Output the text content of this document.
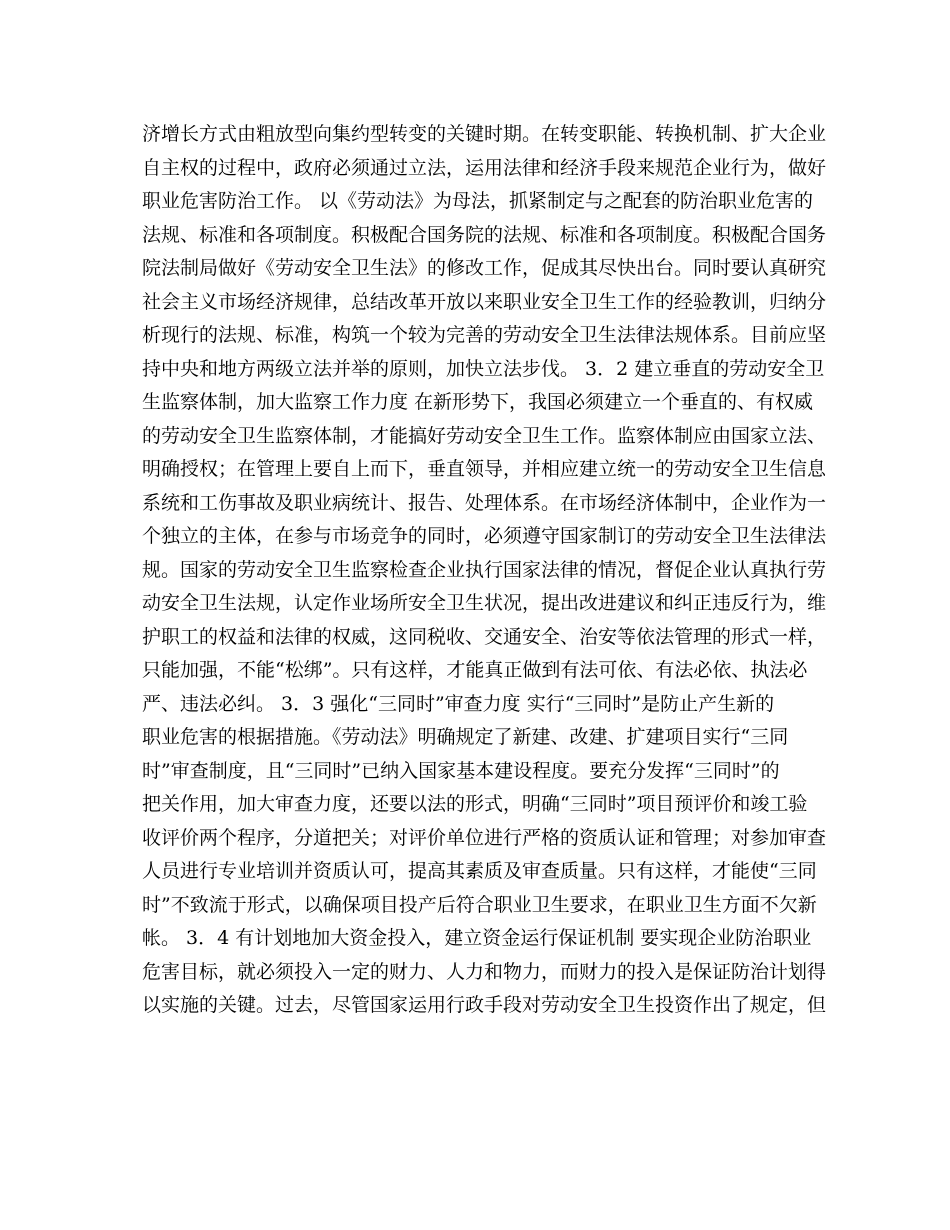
济增长方式由粗放型向集约型转变的关键时期。在转变职能、转换机制、扩大企业
自主权的过程中，政府必须通过立法，运用法律和经济手段来规范企业行为，做好
职业危害防治工作。 以《劳动法》为母法，抓紧制定与之配套的防治职业危害的
法规、标准和各项制度。积极配合国务院的法规、标准和各项制度。积极配合国务
院法制局做好《劳动安全卫生法》的修改工作，促成其尽快出台。同时要认真研究
社会主义市场经济规律，总结改革开放以来职业安全卫生工作的经验教训，归纳分
析现行的法规、标准，构筑一个较为完善的劳动安全卫生法律法规体系。目前应坚
持中央和地方两级立法并举的原则，加快立法步伐。 3．2 建立垂直的劳动安全卫
生监察体制，加大监察工作力度 在新形势下，我国必须建立一个垂直的、有权威
的劳动安全卫生监察体制，才能搞好劳动安全卫生工作。监察体制应由国家立法、
明确授权；在管理上要自上而下，垂直领导，并相应建立统一的劳动安全卫生信息
系统和工伤事故及职业病统计、报告、处理体系。在市场经济体制中，企业作为一
个独立的主体，在参与市场竞争的同时，必须遵守国家制订的劳动安全卫生法律法
规。国家的劳动安全卫生监察检查企业执行国家法律的情况，督促企业认真执行劳
动安全卫生法规，认定作业场所安全卫生状况，提出改进建议和纠正违反行为，维
护职工的权益和法律的权威，这同税收、交通安全、治安等依法管理的形式一样，
只能加强，不能“松绑”。只有这样，才能真正做到有法可依、有法必依、执法必
严、违法必纠。 3．3 强化“三同时”审查力度 实行“三同时”是防止产生新的
职业危害的根据措施。《劳动法》明确规定了新建、改建、扩建项目实行“三同
时”审查制度，且“三同时”已纳入国家基本建设程度。要充分发挥“三同时”的
把关作用，加大审查力度，还要以法的形式，明确“三同时”项目预评价和竣工验
收评价两个程序，分道把关；对评价单位进行严格的资质认证和管理；对参加审查
人员进行专业培训并资质认可，提高其素质及审查质量。只有这样，才能使“三同
时”不致流于形式，以确保项目投产后符合职业卫生要求，在职业卫生方面不欠新
帐。 3．4 有计划地加大资金投入，建立资金运行保证机制 要实现企业防治职业
危害目标，就必须投入一定的财力、人力和物力，而财力的投入是保证防治计划得
以实施的关键。过去，尽管国家运用行政手段对劳动安全卫生投资作出了规定，但
